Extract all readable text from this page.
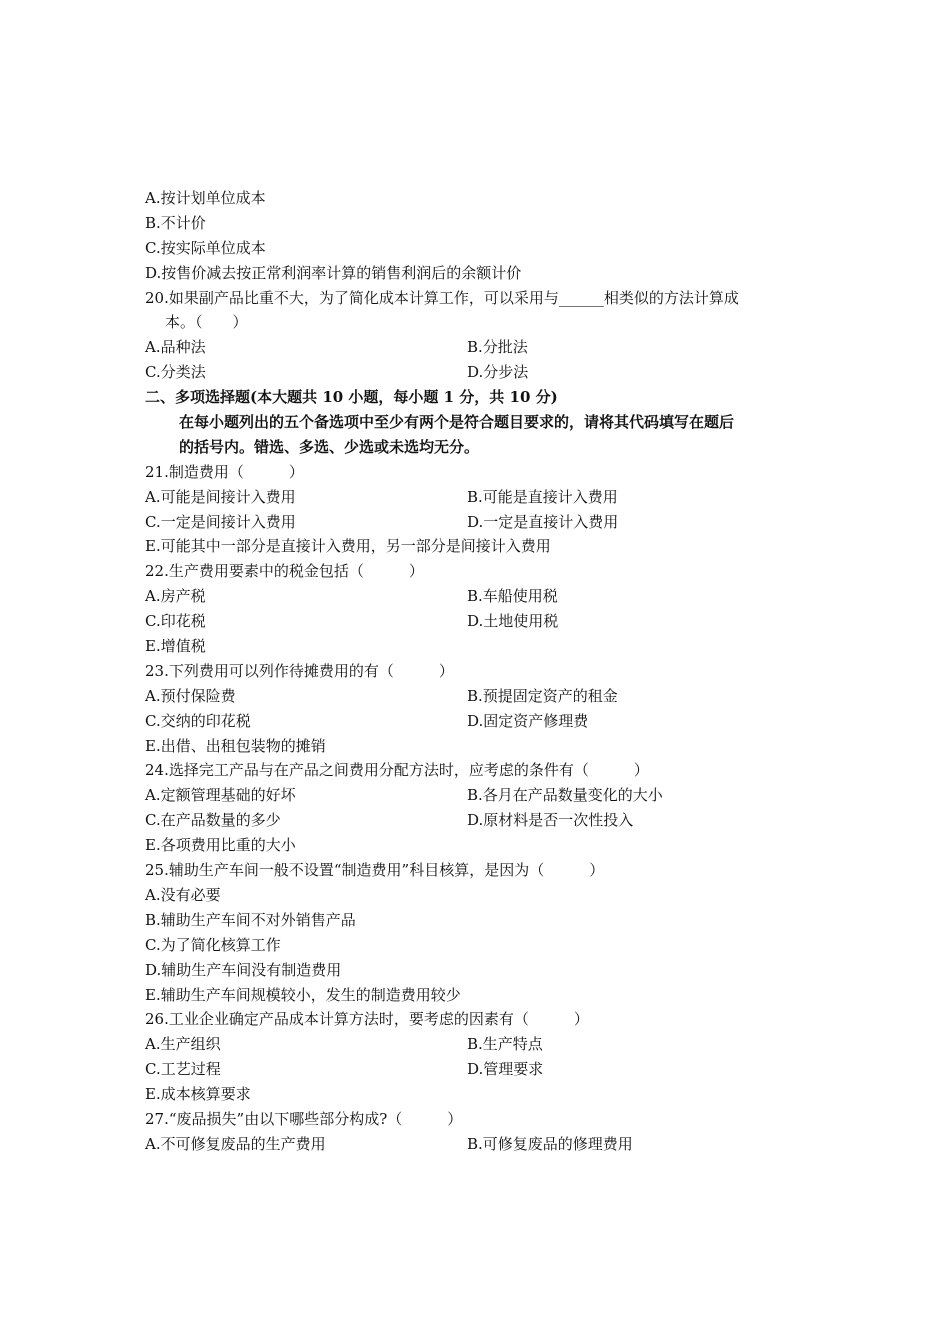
A.按计划单位成本
B.不计价
C.按实际单位成本
D.按售价减去按正常利润率计算的销售利润后的余额计价
20.如果副产品比重不大，为了简化成本计算工作，可以采用与______相类似的方法计算成
本。（　　）
A.品种法	B.分批法
C.分类法	D.分步法
二、多项选择题(本大题共 10 小题，每小题 1 分，共 10 分)
在每小题列出的五个备选项中至少有两个是符合题目要求的，请将其代码填写在题后
的括号内。错选、多选、少选或未选均无分。
21.制造费用（　　　）
A.可能是间接计入费用	B.可能是直接计入费用
C.一定是间接计入费用	D.一定是直接计入费用
E.可能其中一部分是直接计入费用，另一部分是间接计入费用
22.生产费用要素中的税金包括（　　　）
A.房产税	B.车船使用税
C.印花税	D.土地使用税
E.增值税
23.下列费用可以列作待摊费用的有（　　　）
A.预付保险费	B.预提固定资产的租金
C.交纳的印花税	D.固定资产修理费
E.出借、出租包装物的摊销
24.选择完工产品与在产品之间费用分配方法时，应考虑的条件有（　　　）
A.定额管理基础的好坏	B.各月在产品数量变化的大小
C.在产品数量的多少	D.原材料是否一次性投入
E.各项费用比重的大小
25.辅助生产车间一般不设置“制造费用”科目核算，是因为（　　　）
A.没有必要
B.辅助生产车间不对外销售产品
C.为了简化核算工作
D.辅助生产车间没有制造费用
E.辅助生产车间规模较小，发生的制造费用较少
26.工业企业确定产品成本计算方法时，要考虑的因素有（　　　）
A.生产组织	B.生产特点
C.工艺过程	D.管理要求
E.成本核算要求
27.“废品损失”由以下哪些部分构成?（　　　）
A.不可修复废品的生产费用	B.可修复废品的修理费用
